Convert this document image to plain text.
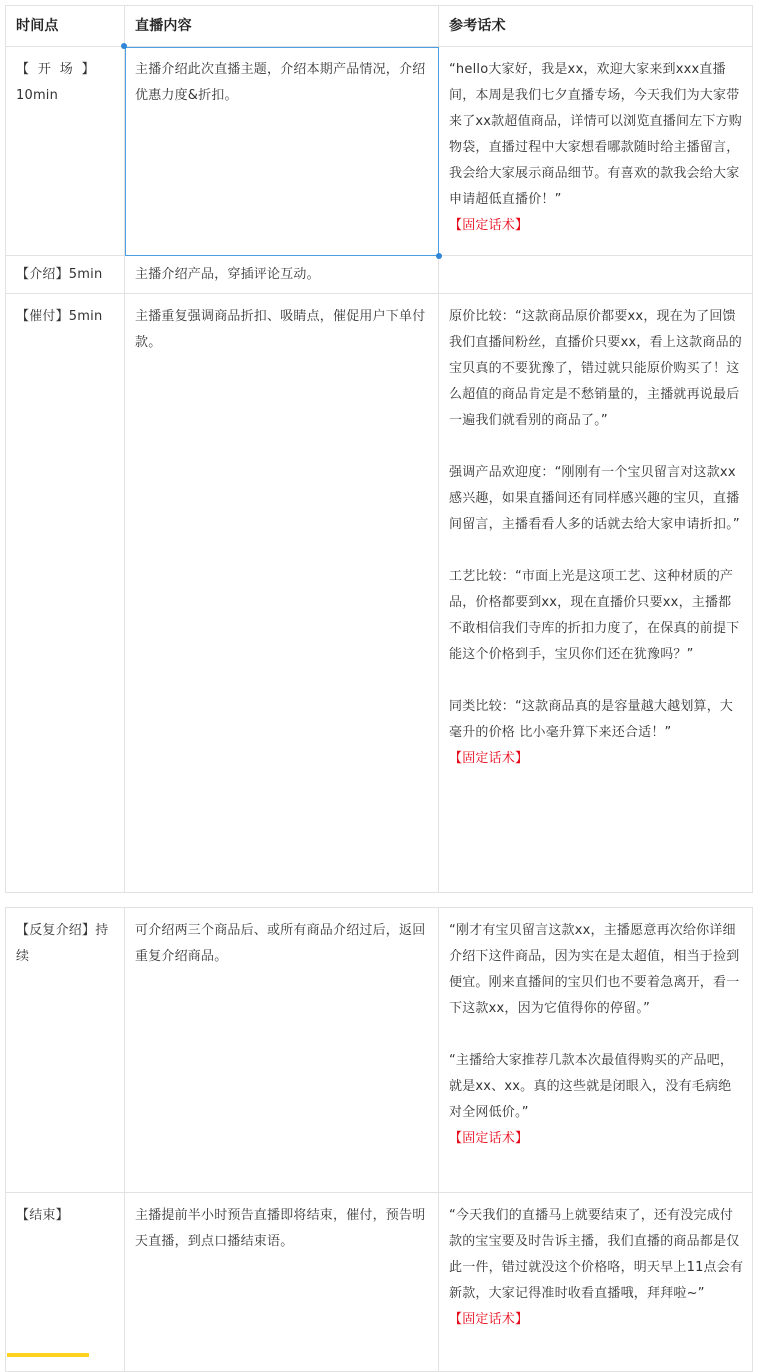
时间点	直播内容	参考话术
【  开  场  】
10min	主播介绍此次直播主题，介绍本期产品情况，介绍优惠力度&折扣。	“hello大家好，我是xx，欢迎大家来到xxx直播间，本周是我们七夕直播专场，今天我们为大家带来了xx款超值商品，详情可以浏览直播间左下方购物袋，直播过程中大家想看哪款随时给主播留言，我会给大家展示商品细节。有喜欢的款我会给大家申请超低直播价！”
【固定话术】

【介绍】5min	主播介绍产品，穿插评论互动。	
【催付】5min	主播重复强调商品折扣、吸睛点，催促用户下单付款。	原价比较：“这款商品原价都要xx，现在为了回馈我们直播间粉丝，直播价只要xx，看上这款商品的宝贝真的不要犹豫了，错过就只能原价购买了！这么超值的商品肯定是不愁销量的，主播就再说最后一遍我们就看别的商品了。”
强调产品欢迎度：“刚刚有一个宝贝留言对这款xx感兴趣，如果直播间还有同样感兴趣的宝贝，直播间留言，主播看看人多的话就去给大家申请折扣。”
工艺比较：“市面上光是这项工艺、这种材质的产品，价格都要到xx，现在直播价只要xx，主播都不敢相信我们寺库的折扣力度了，在保真的前提下能这个价格到手，宝贝你们还在犹豫吗？”
同类比较：“这款商品真的是容量越大越划算，大毫升的价格 比小毫升算下来还合适！”
【固定话术】

【反复介绍】持续	可介绍两三个商品后、或所有商品介绍过后，返回重复介绍商品。	“刚才有宝贝留言这款xx，主播愿意再次给你详细介绍下这件商品，因为实在是太超值，相当于捡到便宜。刚来直播间的宝贝们也不要着急离开，看一下这款xx，因为它值得你的停留。”
“主播给大家推荐几款本次最值得购买的产品吧，就是xx、xx。真的这些就是闭眼入，没有毛病绝对全网低价。”
【固定话术】

【结束】	主播提前半小时预告直播即将结束，催付，预告明天直播，到点口播结束语。	“今天我们的直播马上就要结束了，还有没完成付款的宝宝要及时告诉主播，我们直播的商品都是仅此一件，错过就没这个价格咯，明天早上11点会有新款，大家记得准时收看直播哦，拜拜啦~”
【固定话术】
